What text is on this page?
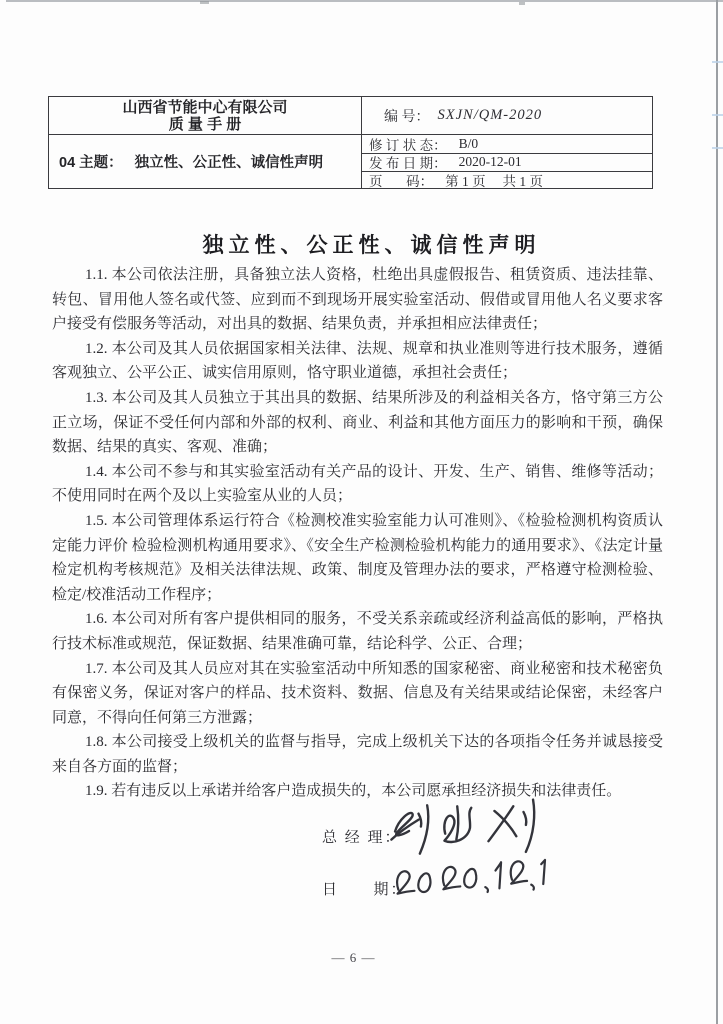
山西省节能中心有限公司
质 量 手 册	编 号： SXJN/QM-2020
04 主题： 独立性、公正性、诚信性声明
修 订 状 态： B/0
发 布 日 期： 2020-12-01
页       码： 第 1 页     共 1 页
独立性、公正性、诚信性声明

1.1. 本公司依法注册，具备独立法人资格，杜绝出具虚假报告、租赁资质、违法挂靠、转包、冒用他人签名或代签、应到而不到现场开展实验室活动、假借或冒用他人名义要求客户接受有偿服务等活动，对出具的数据、结果负责，并承担相应法律责任；

1.2. 本公司及其人员依据国家相关法律、法规、规章和执业准则等进行技术服务，遵循客观独立、公平公正、诚实信用原则，恪守职业道德，承担社会责任；

1.3. 本公司及其人员独立于其出具的数据、结果所涉及的利益相关各方，恪守第三方公正立场，保证不受任何内部和外部的权利、商业、利益和其他方面压力的影响和干预，确保数据、结果的真实、客观、准确；

1.4. 本公司不参与和其实验室活动有关产品的设计、开发、生产、销售、维修等活动；不使用同时在两个及以上实验室从业的人员；

1.5. 本公司管理体系运行符合《检测校准实验室能力认可准则》、《检验检测机构资质认定能力评价 检验检测机构通用要求》、《安全生产检测检验机构能力的通用要求》、《法定计量检定机构考核规范》及相关法律法规、政策、制度及管理办法的要求，严格遵守检测检验、检定/校准活动工作程序；

1.6. 本公司对所有客户提供相同的服务，不受关系亲疏或经济利益高低的影响，严格执行技术标准或规范，保证数据、结果准确可靠，结论科学、公正、合理；

1.7. 本公司及其人员应对其在实验室活动中所知悉的国家秘密、商业秘密和技术秘密负有保密义务，保证对客户的样品、技术资料、数据、信息及有关结果或结论保密，未经客户同意，不得向任何第三方泄露；

1.8. 本公司接受上级机关的监督与指导，完成上级机关下达的各项指令任务并诚恳接受来自各方面的监督；

1.9. 若有违反以上承诺并给客户造成损失的，本公司愿承担经济损失和法律责任。

总 经 理：
日      期：
— 6 —
